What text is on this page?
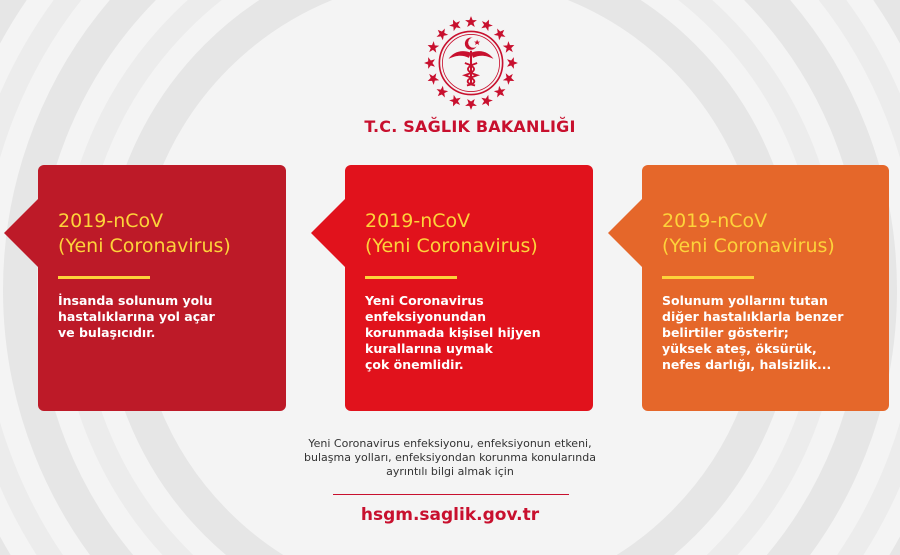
T.C. SAĞLIK BAKANLIĞI
2019-nCoV
(Yeni Coronavirus)
İnsanda solunum yolu
hastalıklarına yol açar
ve bulaşıcıdır.
2019-nCoV
(Yeni Coronavirus)
Yeni Coronavirus
enfeksiyonundan
korunmada kişisel hijyen
kurallarına uymak
çok önemlidir.
2019-nCoV
(Yeni Coronavirus)
Solunum yollarını tutan
diğer hastalıklarla benzer
belirtiler gösterir;
yüksek ateş, öksürük,
nefes darlığı, halsizlik...
Yeni Coronavirus enfeksiyonu, enfeksiyonun etkeni,
bulaşma yolları, enfeksiyondan korunma konularında
ayrıntılı bilgi almak için
hsgm.saglik.gov.tr
